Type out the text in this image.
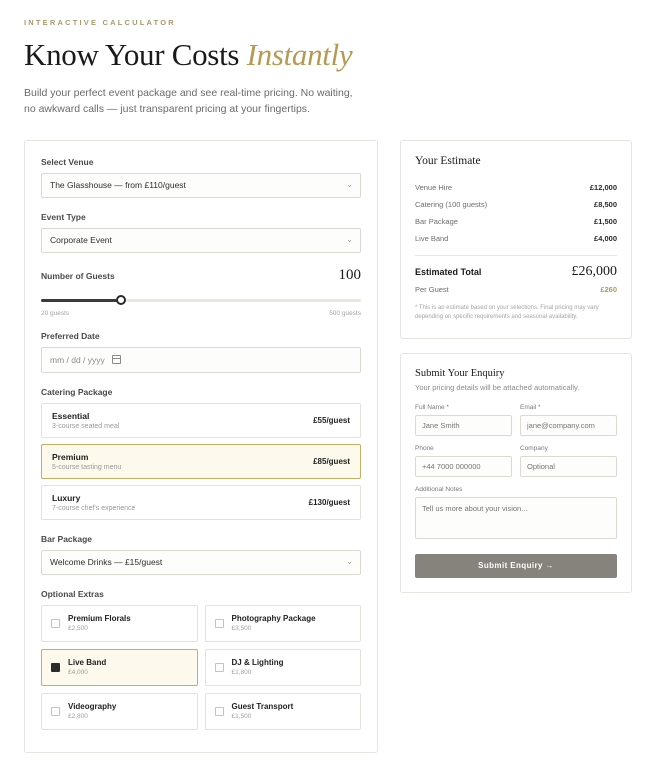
INTERACTIVE CALCULATOR
Know Your Costs Instantly

Build your perfect event package and see real-time pricing. No waiting, no awkward calls — just transparent pricing at your fingertips.

Select Venue
The Glasshouse — from £110/guest	⌄
Event Type
Corporate Event	⌄
Number of Guests	100
20 guests	500 guests
Preferred Date
mm / dd / yyyy
Catering Package
Essential
3-course seated meal
£55/guest
Premium
5-course tasting menu
£85/guest
Luxury
7-course chef's experience
£130/guest
Bar Package
Welcome Drinks — £15/guest	⌄
Optional Extras
Premium Florals
£2,500
Photography Package
£3,500
Live Band
£4,000
DJ & Lighting
£1,800
Videography
£2,800
Guest Transport
£1,500
Your Estimate
Venue Hire	£12,000
Catering (100 guests)	£8,500
Bar Package	£1,500
Live Band	£4,000
Estimated Total	£26,000
Per Guest	£260
* This is an estimate based on your selections. Final pricing may vary depending on specific requirements and seasonal availability.
Submit Your Enquiry
Your pricing details will be attached automatically.
Full Name *
Jane Smith	Email *
jane@company.com
Phone
+44 7000 000000	Company
Optional
Additional Notes
Tell us more about your vision...
Submit Enquiry →
